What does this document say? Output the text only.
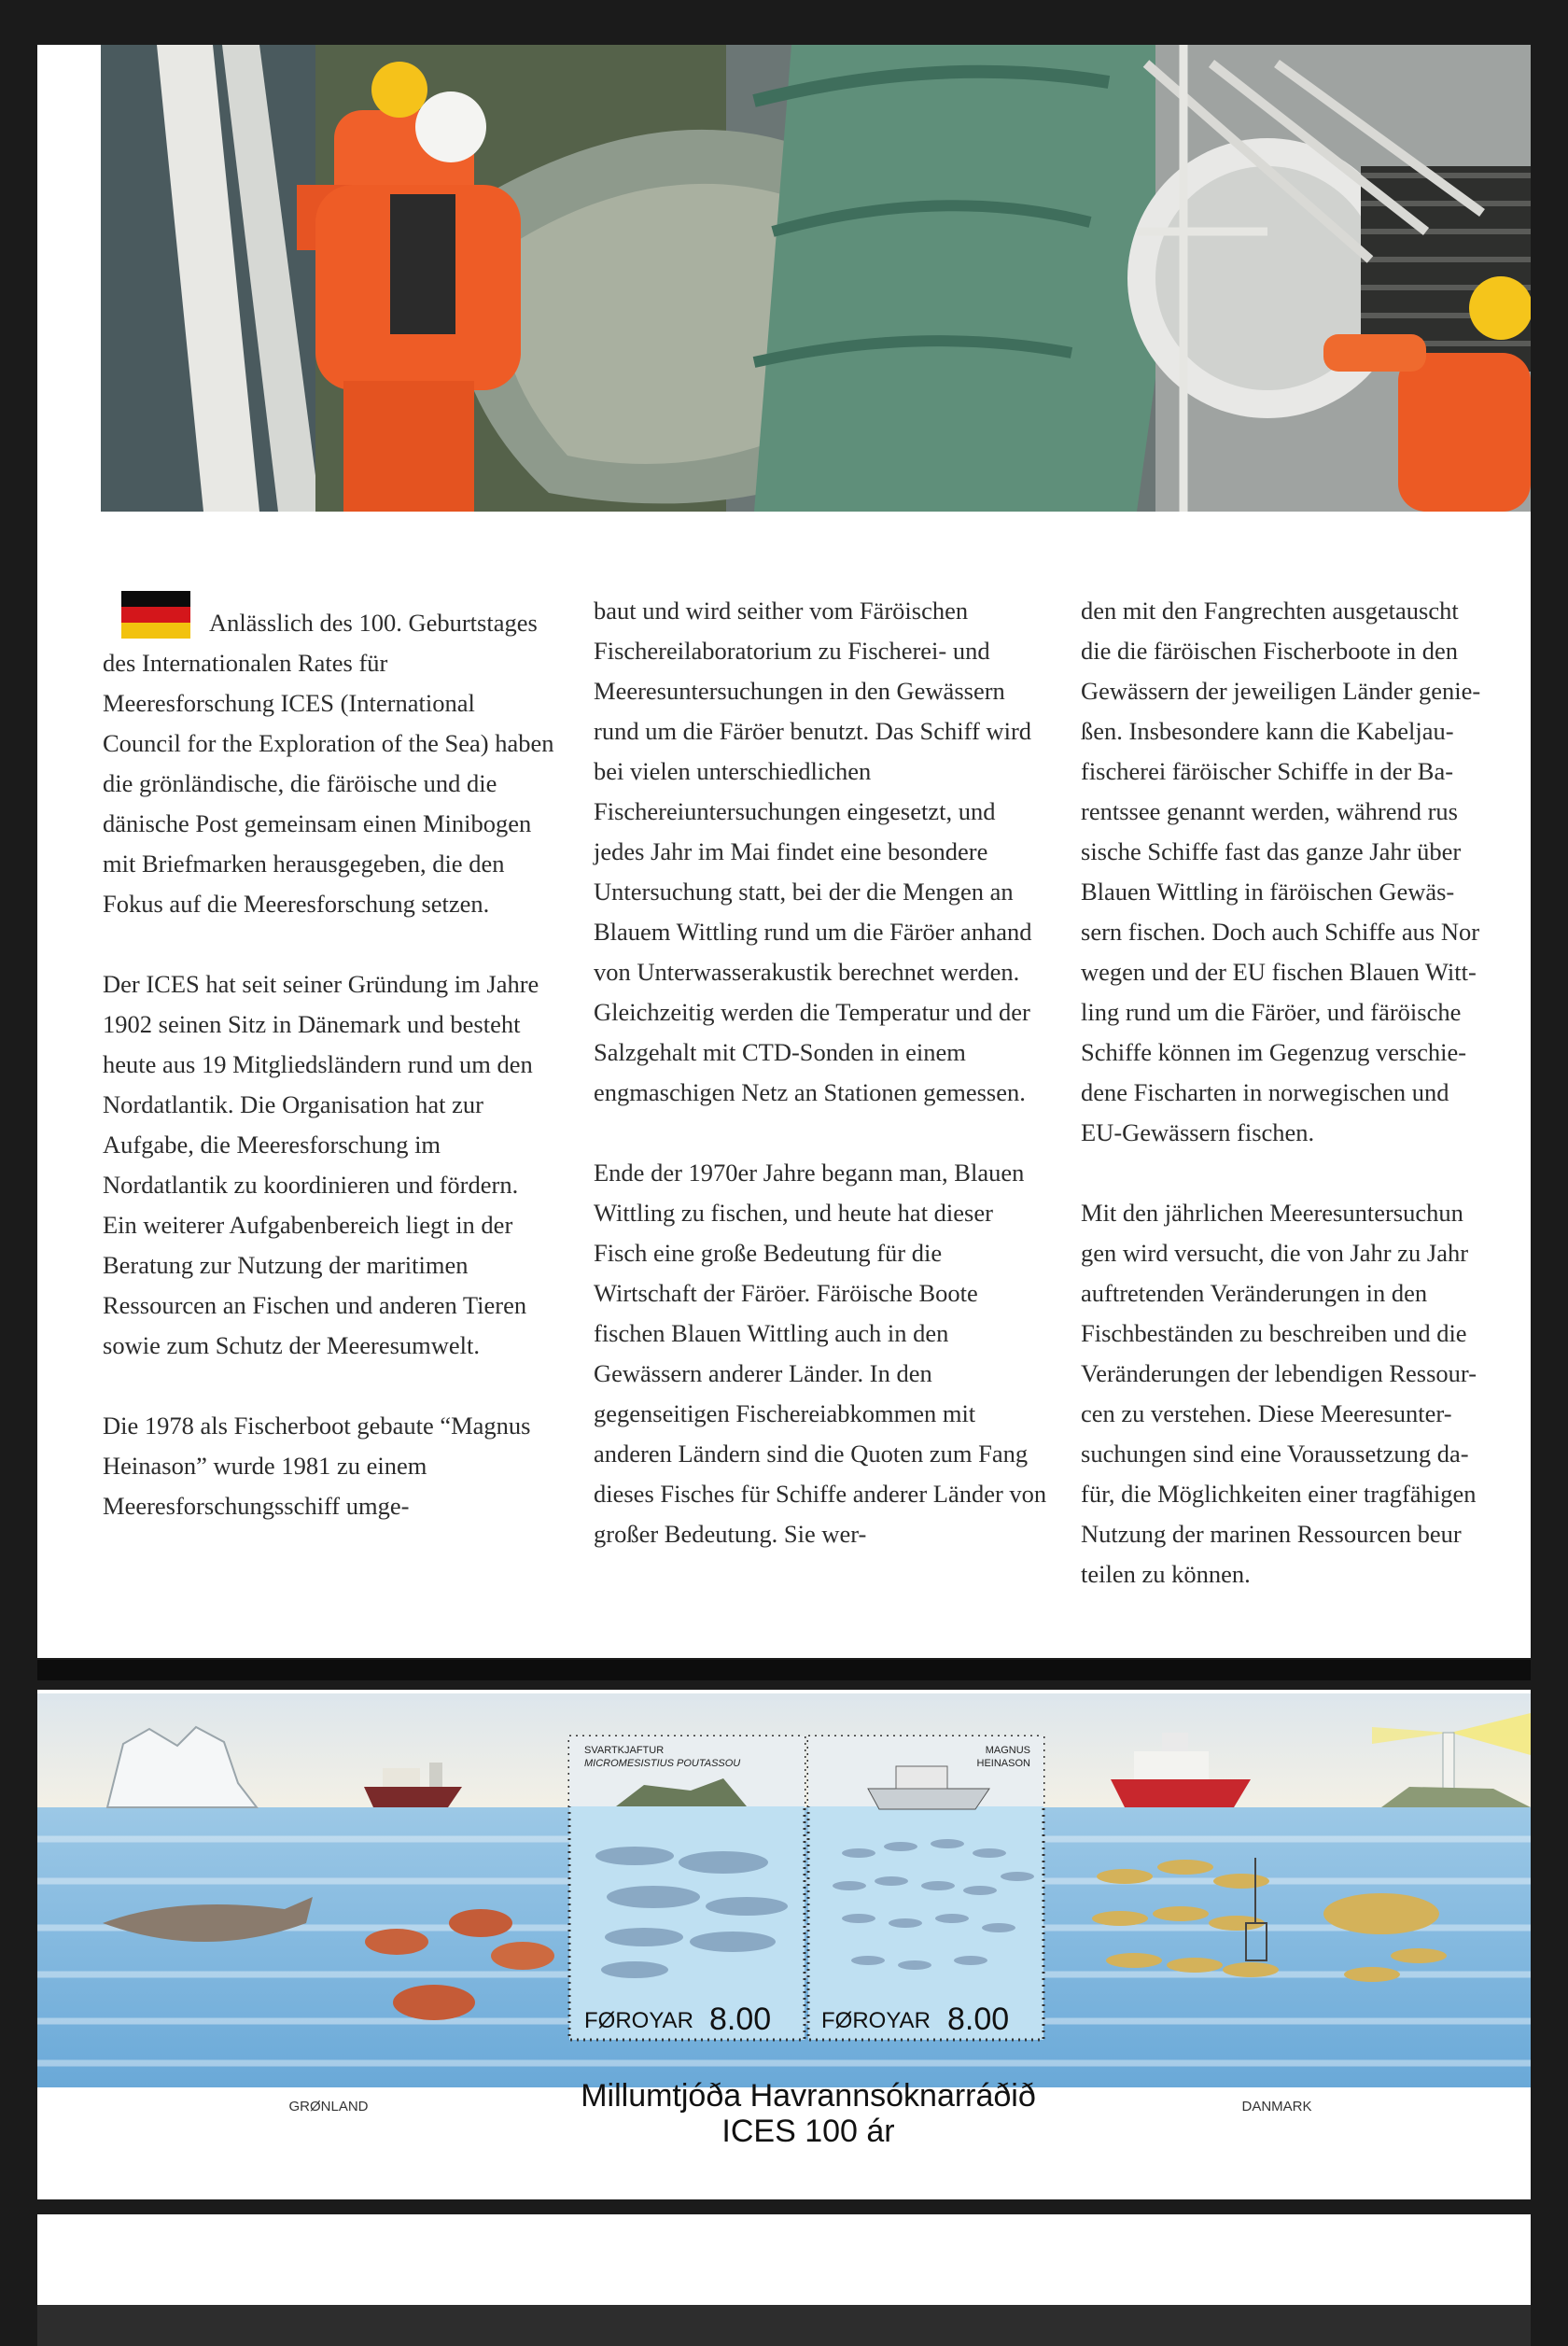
Anlässlich des 100. Geburtstages des Internationalen Rates für Meeresforschung ICES (International Council for the Exploration of the Sea) haben die grönländische, die färöische und die dänische Post gemeinsam einen Minibogen mit Briefmarken herausgegeben, die den Fokus auf die Meeresforschung setzen.

Der ICES hat seit seiner Gründung im Jahre 1902 seinen Sitz in Dänemark und besteht heute aus 19 Mitgliedsländern rund um den Nordatlantik. Die Organisation hat zur Aufgabe, die Meeresforschung im Nordatlantik zu koordinieren und fördern. Ein weiterer Aufgabenbereich liegt in der Beratung zur Nutzung der maritimen Ressourcen an Fischen und anderen Tieren sowie zum Schutz der Meeresumwelt.

Die 1978 als Fischerboot gebaute “Magnus Heinason” wurde 1981 zu einem Meeresforschungsschiff umge-

baut und wird seither vom Färöischen Fischereilaboratorium zu Fischerei- und Meeresuntersuchungen in den Gewässern rund um die Färöer benutzt. Das Schiff wird bei vielen unterschiedlichen Fischereiuntersuchungen eingesetzt, und jedes Jahr im Mai findet eine besondere Untersuchung statt, bei der die Mengen an Blauem Wittling rund um die Färöer anhand von Unterwasserakustik berechnet werden. Gleichzeitig werden die Temperatur und der Salzgehalt mit CTD-Sonden in einem engmaschigen Netz an Stationen gemessen.

Ende der 1970er Jahre begann man, Blauen Wittling zu fischen, und heute hat dieser Fisch eine große Bedeutung für die Wirtschaft der Färöer. Färöische Boote fischen Blauen Wittling auch in den Gewässern anderer Länder. In den gegenseitigen Fischereiabkommen mit anderen Ländern sind die Quoten zum Fang dieses Fisches für Schiffe anderer Länder von großer Bedeutung. Sie wer-

den mit den Fangrechten ausgetauscht
die die färöischen Fischerboote in den
Gewässern der jeweiligen Länder genie-
ßen. Insbesondere kann die Kabeljau-
fischerei färöischer Schiffe in der Ba-
rentssee genannt werden, während rus
sische Schiffe fast das ganze Jahr über
Blauen Wittling in färöischen Gewäs-
sern fischen. Doch auch Schiffe aus Nor
wegen und der EU fischen Blauen Witt-
ling rund um die Färöer, und färöische
Schiffe können im Gegenzug verschie-
dene Fischarten in norwegischen und
EU-Gewässern fischen.

Mit den jährlichen Meeresuntersuchun
gen wird versucht, die von Jahr zu Jahr
auftretenden Veränderungen in den
Fischbeständen zu beschreiben und die
Veränderungen der lebendigen Ressour-
cen zu verstehen. Diese Meeresunter-
suchungen sind eine Voraussetzung da-
für, die Möglichkeiten einer tragfähigen
Nutzung der marinen Ressourcen beur
teilen zu können.

SVARTKJAFTUR
MICROMESISTIUS POUTASSOU
FØROYAR 8.00
MAGNUS
HEINASON
FØROYAR 8.00
GRØNLAND	DANMARK
Millumtjóða Havrannsóknarráðið
ICES 100 ár
